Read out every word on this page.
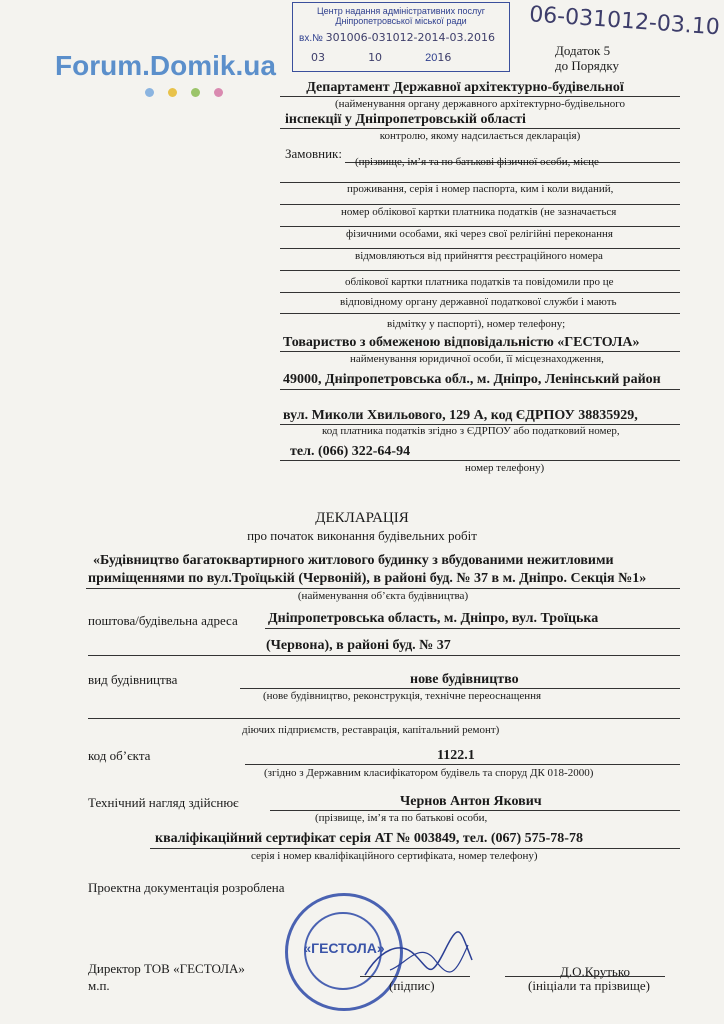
Forum.Domik.ua
Центр надання адміністративних послуг
Дніпропетровської міської ради
вх.№ 301006-031012-2014-03.2016
03	10	2016
06-031012-03.10
Додаток 5
до Порядку
Департамент Державної архітектурно-будівельної
(найменування органу державного архітектурно-будівельного
інспекції у Дніпропетровській області
контролю, якому надсилається декларація)
Замовник:
(прізвище, ім’я та по батькові фізичної особи, місце
проживання, серія і номер паспорта, ким і коли виданий,
номер облікової картки платника податків (не зазначається
фізичними особами, які через свої релігійні переконання
відмовляються від прийняття реєстраційного номера
облікової картки платника податків та повідомили про це
відповідному органу державної податкової служби і мають
відмітку у паспорті), номер телефону;
Товариство з обмеженою відповідальністю «ГЕСТОЛА»
найменування юридичної особи, її місцезнаходження,
49000, Дніпропетровська обл., м. Дніпро, Ленінський район
вул. Миколи Хвильового, 129 А, код ЄДРПОУ 38835929,
код платника податків згідно з ЄДРПОУ або податковий номер,
тел. (066) 322-64-94
номер телефону)
ДЕКЛАРАЦІЯ
про початок виконання будівельних робіт
«Будівництво багатоквартирного житлового будинку з вбудованими нежитловими
приміщеннями по вул.Троїцькій (Червоній), в районі буд. № 37 в м. Дніпро. Секція №1»
(найменування об’єкта будівництва)
поштова/будівельна адреса Дніпропетровська область, м. Дніпро, вул. Троїцька
(Червона), в районі буд. № 37
вид будівництва	нове будівництво
(нове будівництво, реконструкція, технічне переоснащення
діючих підприємств, реставрація, капітальний ремонт)
код об’єкта	1122.1
(згідно з Державним класифікатором будівель та споруд ДК 018-2000)
Технічний нагляд здійснює	Чернов Антон Якович
(прізвище, ім’я та по батькові особи,
кваліфікаційний сертифікат серія АТ № 003849, тел. (067) 575-78-78
серія і номер кваліфікаційного сертифіката, номер телефону)
Проектна документація розроблена
«ГЕСТОЛА»
Директор ТОВ «ГЕСТОЛА»
м.п.	(підпис)
Д.О.Крутько
(ініціали та прізвище)
